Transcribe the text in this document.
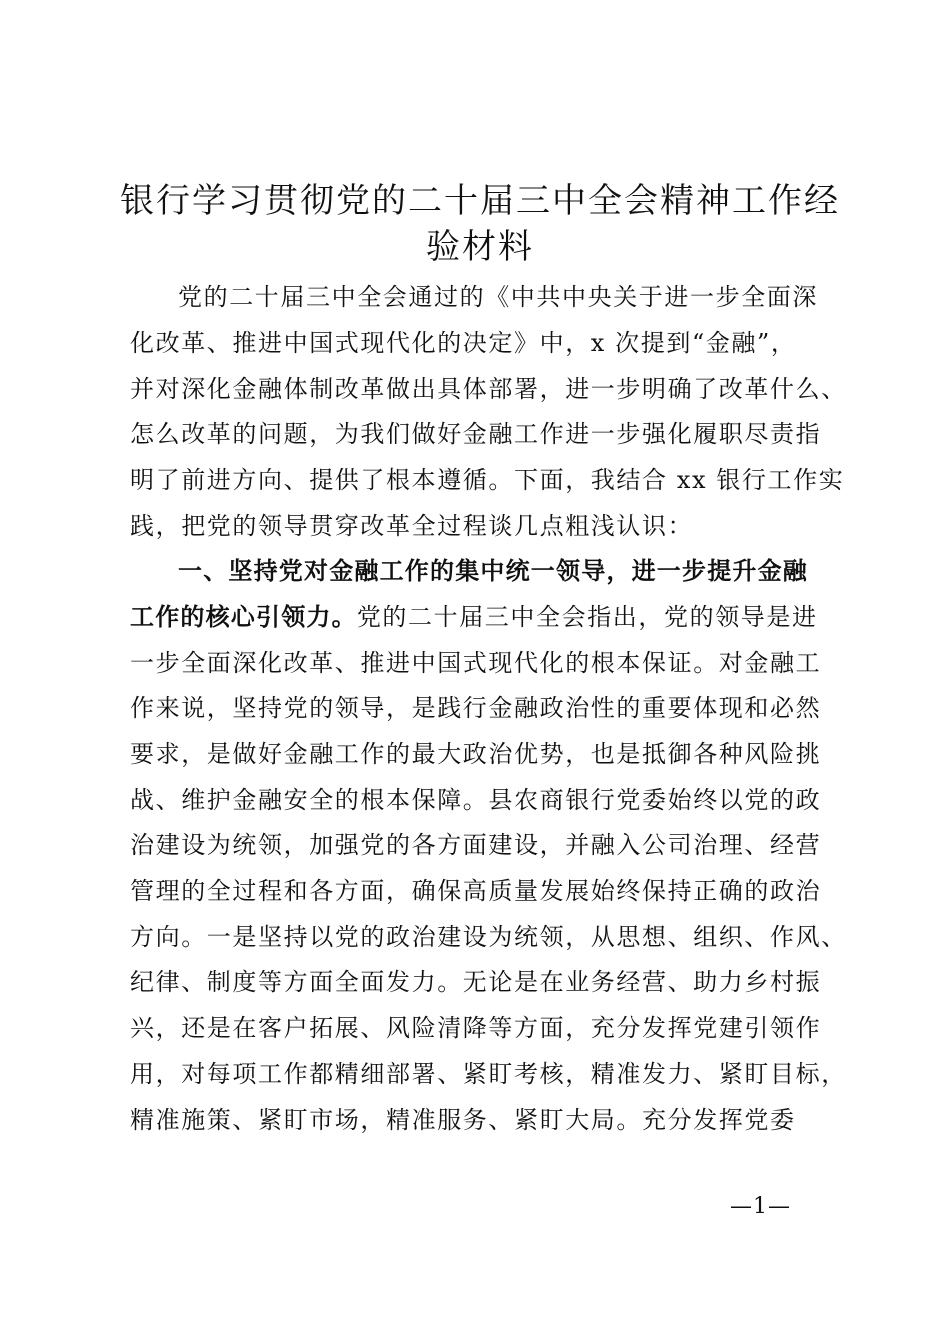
银行学习贯彻党的二十届三中全会精神工作经
验材料

党的二十届三中全会通过的《中共中央关于进一步全面深

化改革、推进中国式现代化的决定》中，x 次提到“金融”，

并对深化金融体制改革做出具体部署，进一步明确了改革什么、

怎么改革的问题，为我们做好金融工作进一步强化履职尽责指

明了前进方向、提供了根本遵循。下面，我结合 xx 银行工作实

践，把党的领导贯穿改革全过程谈几点粗浅认识：

一、坚持党对金融工作的集中统一领导，进一步提升金融

工作的核心引领力。党的二十届三中全会指出，党的领导是进

一步全面深化改革、推进中国式现代化的根本保证。对金融工

作来说，坚持党的领导，是践行金融政治性的重要体现和必然

要求，是做好金融工作的最大政治优势，也是抵御各种风险挑

战、维护金融安全的根本保障。县农商银行党委始终以党的政

治建设为统领，加强党的各方面建设，并融入公司治理、经营

管理的全过程和各方面，确保高质量发展始终保持正确的政治

方向。一是坚持以党的政治建设为统领，从思想、组织、作风、

纪律、制度等方面全面发力。无论是在业务经营、助力乡村振

兴，还是在客户拓展、风险清降等方面，充分发挥党建引领作

用，对每项工作都精细部署、紧盯考核，精准发力、紧盯目标，

精准施策、紧盯市场，精准服务、紧盯大局。充分发挥党委

—1—
